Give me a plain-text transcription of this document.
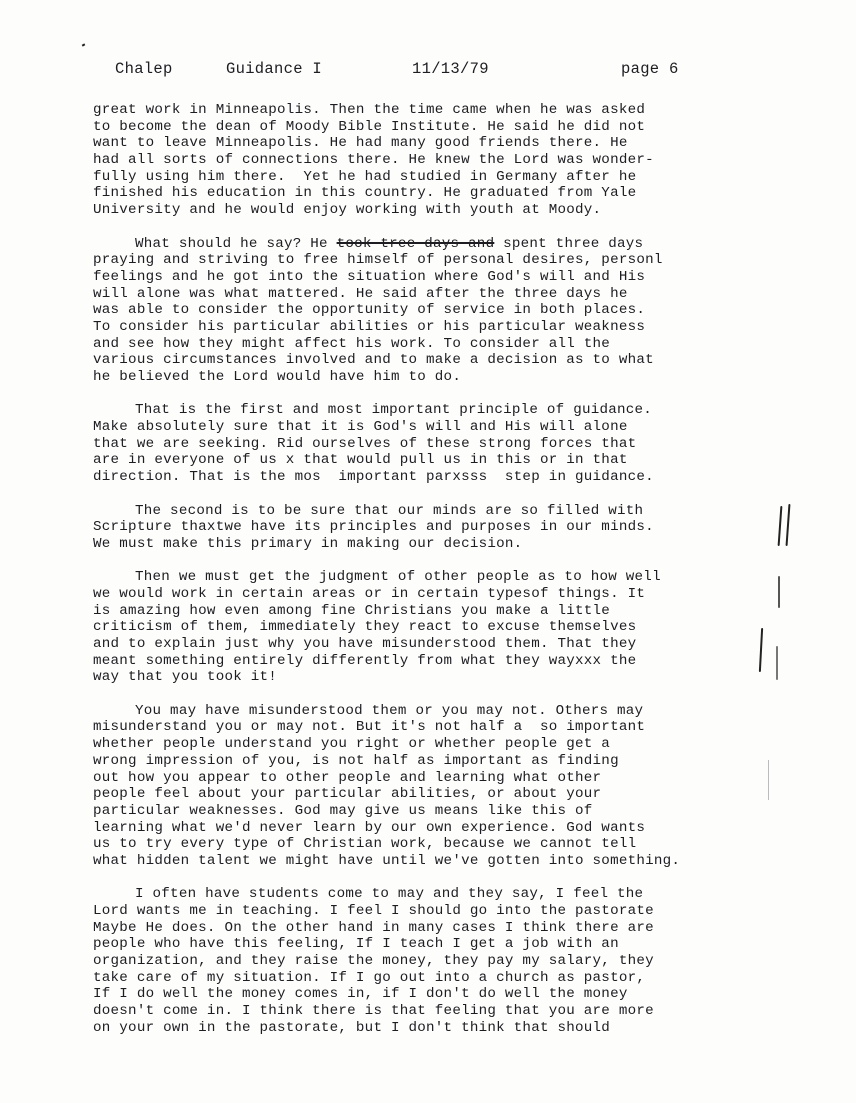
Chalep

	Guidance I

	11/13/79

	page 6

great work in Minneapolis. Then the time came when he was asked
to become the dean of Moody Bible Institute. He said he did not
want to leave Minneapolis. He had many good friends there. He
had all sorts of connections there. He knew the Lord was wonder-
fully using him there.  Yet he had studied in Germany after he
finished his education in this country. He graduated from Yale
University and he would enjoy working with youth at Moody.
What should he say? He took tree days and spent three days
praying and striving to free himself of personal desires, personl
feelings and he got into the situation where God's will and His
will alone was what mattered. He said after the three days he
was able to consider the opportunity of service in both places.
To consider his particular abilities or his particular weakness
and see how they might affect his work. To consider all the
various circumstances involved and to make a decision as to what
he believed the Lord would have him to do.
That is the first and most important principle of guidance.
Make absolutely sure that it is God's will and His will alone
that we are seeking. Rid ourselves of these strong forces that
are in everyone of us x that would pull us in this or in that
direction. That is the mos  important parxsss  step in guidance.
The second is to be sure that our minds are so filled with
Scripture thaxtwe have its principles and purposes in our minds.
We must make this primary in making our decision.
Then we must get the judgment of other people as to how well
we would work in certain areas or in certain typesof things. It
is amazing how even among fine Christians you make a little
criticism of them, immediately they react to excuse themselves
and to explain just why you have misunderstood them. That they
meant something entirely differently from what they wayxxx the
way that you took it!
You may have misunderstood them or you may not. Others may
misunderstand you or may not. But it's not half a  so important
whether people understand you right or whether people get a
wrong impression of you, is not half as important as finding
out how you appear to other people and learning what other
people feel about your particular abilities, or about your
particular weaknesses. God may give us means like this of
learning what we'd never learn by our own experience. God wants
us to try every type of Christian work, because we cannot tell
what hidden talent we might have until we've gotten into something.
I often have students come to may and they say, I feel the
Lord wants me in teaching. I feel I should go into the pastorate
Maybe He does. On the other hand in many cases I think there are
people who have this feeling, If I teach I get a job with an
organization, and they raise the money, they pay my salary, they
take care of my situation. If I go out into a church as pastor,
If I do well the money comes in, if I don't do well the money
doesn't come in. I think there is that feeling that you are more
on your own in the pastorate, but I don't think that should
